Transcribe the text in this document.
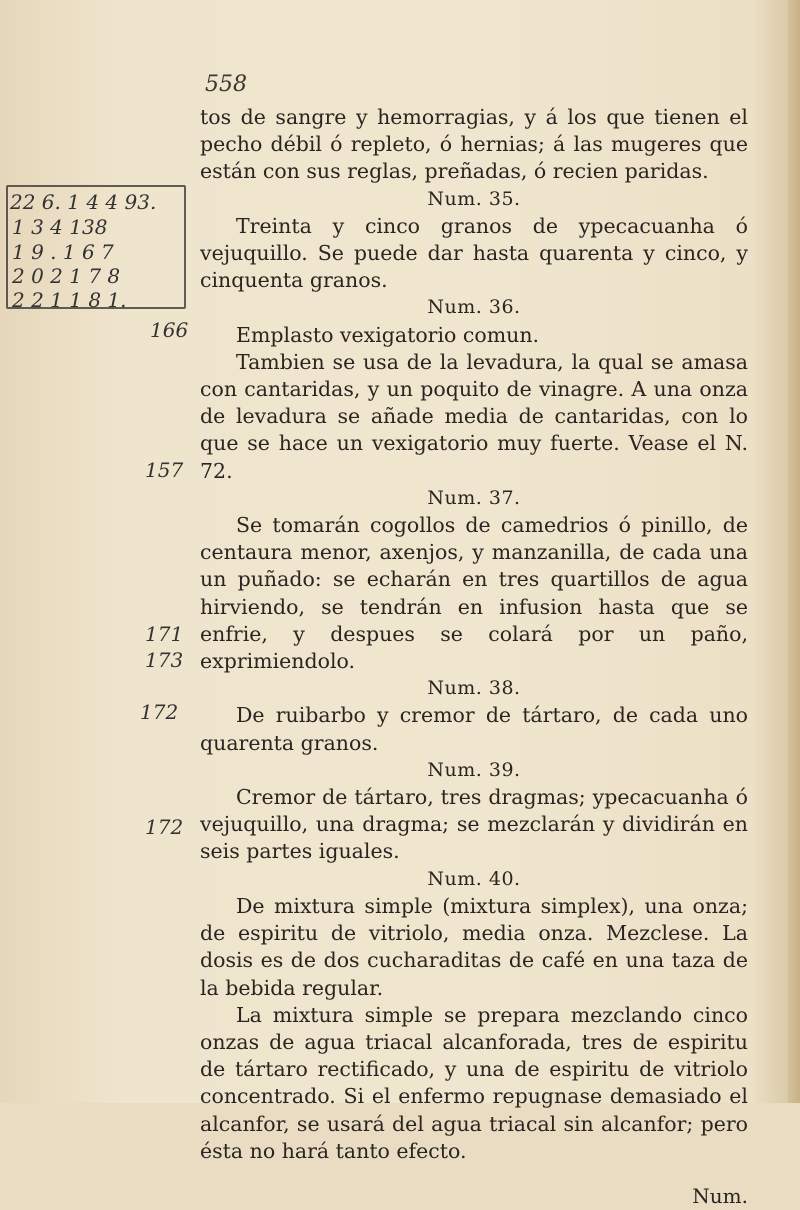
22 6. 1 4 4 93.
1 3 4 138
1 9 . 1 6 7
2 0 2 1 7 8
2 2 1 1 8 1.
166
157
171
173
172
172
558

tos de sangre y hemorragias, y á los que tienen el pecho débil ó repleto, ó hernias; á las mugeres que están con sus reglas, preñadas, ó recien paridas.

Num. 35.

Treinta y cinco granos de ypecacuanha ó vejuquillo. Se puede dar hasta quarenta y cinco, y cinquenta granos.

Num. 36.

Emplasto vexigatorio comun.

Tambien se usa de la levadura, la qual se amasa con cantaridas, y un poquito de vinagre. A una onza de levadura se añade media de cantaridas, con lo que se hace un vexigatorio muy fuerte. Vease el N. 72.

Num. 37.

Se tomarán cogollos de camedrios ó pinillo, de centaura menor, axenjos, y manzanilla, de cada una un puñado: se echarán en tres quartillos de agua hirviendo, se tendrán en infusion hasta que se enfrie, y despues se colará por un paño, exprimiendolo.

Num. 38.

De ruibarbo y cremor de tártaro, de cada uno quarenta granos.

Num. 39.

Cremor de tártaro, tres dragmas; ypecacuanha ó vejuquillo, una dragma; se mezclarán y dividirán en seis partes iguales.

Num. 40.

De mixtura simple (mixtura simplex), una onza; de espiritu de vitriolo, media onza. Mezclese. La dosis es de dos cucharaditas de café en una taza de la bebida regular.

La mixtura simple se prepara mezclando cinco onzas de agua triacal alcanforada, tres de espiritu de tártaro rectificado, y una de espiritu de vitriolo concentrado. Si el enfermo repugnase demasiado el alcanfor, se usará del agua triacal sin alcanfor; pero ésta no hará tanto efecto.

Num.
